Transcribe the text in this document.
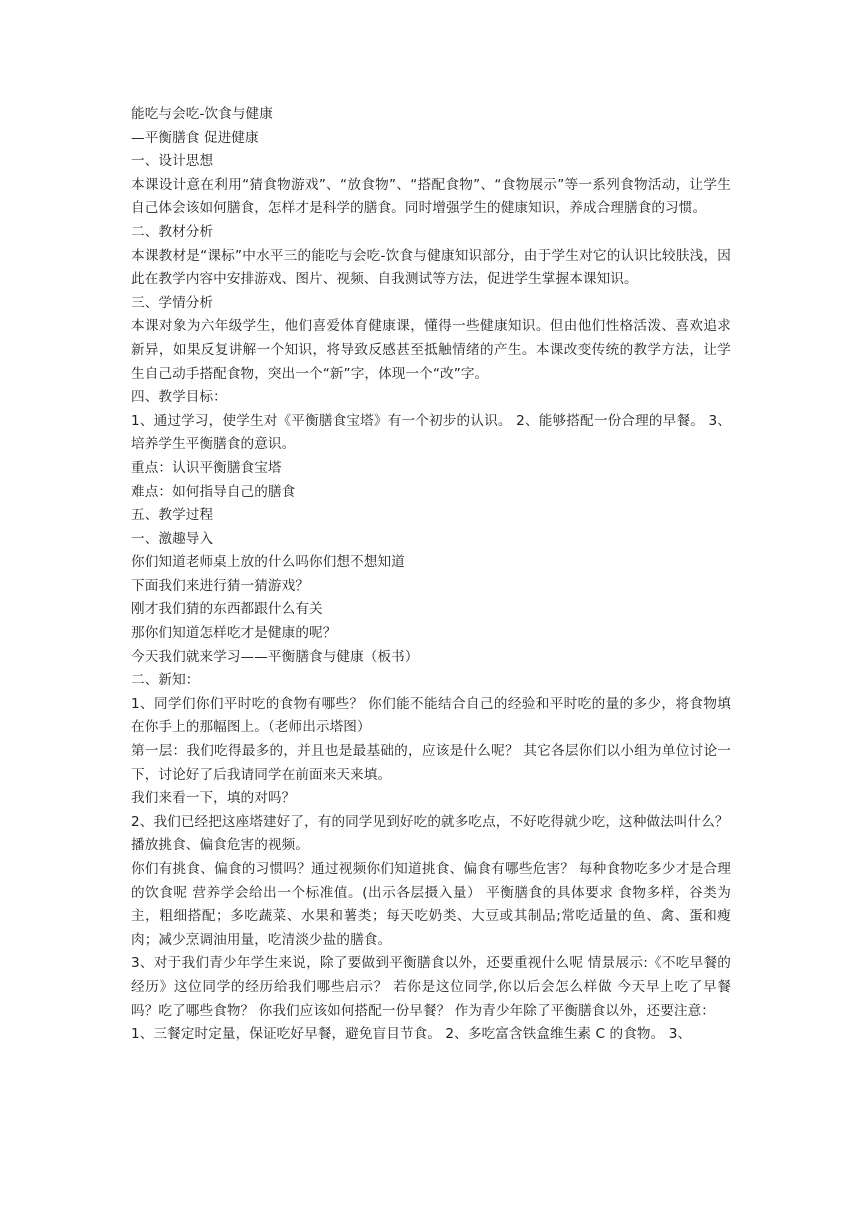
能吃与会吃-饮食与健康
—平衡膳食 促进健康
一、设计思想
本课设计意在利用“猜食物游戏”、“放食物”、“搭配食物”、“食物展示”等一系列食物活动，让学生自己体会该如何膳食，怎样才是科学的膳食。同时增强学生的健康知识，养成合理膳食的习惯。
二、教材分析
本课教材是“课标”中水平三的能吃与会吃-饮食与健康知识部分，由于学生对它的认识比较肤浅，因此在教学内容中安排游戏、图片、视频、自我测试等方法，促进学生掌握本课知识。
三、学情分析
本课对象为六年级学生，他们喜爱体育健康课，懂得一些健康知识。但由他们性格活泼、喜欢追求新异，如果反复讲解一个知识，将导致反感甚至抵触情绪的产生。本课改变传统的教学方法，让学生自己动手搭配食物，突出一个“新”字，体现一个“改”字。
四、教学目标：
1、通过学习，使学生对《平衡膳食宝塔》有一个初步的认识。 2、能够搭配一份合理的早餐。 3、培养学生平衡膳食的意识。
重点：认识平衡膳食宝塔
难点：如何指导自己的膳食
五、教学过程
一、激趣导入
你们知道老师桌上放的什么吗你们想不想知道
下面我们来进行猜一猜游戏？
刚才我们猜的东西都跟什么有关
那你们知道怎样吃才是健康的呢？
今天我们就来学习——平衡膳食与健康（板书）
二、新知：
1、同学们你们平时吃的食物有哪些？ 你们能不能结合自己的经验和平时吃的量的多少，将食物填在你手上的那幅图上。（老师出示塔图）
第一层：我们吃得最多的，并且也是最基础的，应该是什么呢？ 其它各层你们以小组为单位讨论一下，讨论好了后我请同学在前面来天来填。
我们来看一下，填的对吗？
2、我们已经把这座塔建好了，有的同学见到好吃的就多吃点，不好吃得就少吃，这种做法叫什么？
播放挑食、偏食危害的视频。
你们有挑食、偏食的习惯吗？通过视频你们知道挑食、偏食有哪些危害？ 每种食物吃多少才是合理的饮食呢 营养学会给出一个标准值。(出示各层摄入量） 平衡膳食的具体要求 食物多样，谷类为主，粗细搭配；多吃蔬菜、水果和薯类；每天吃奶类、大豆或其制品;常吃适量的鱼、禽、蛋和瘦肉；减少烹调油用量，吃清淡少盐的膳食。
3、对于我们青少年学生来说，除了要做到平衡膳食以外，还要重视什么呢 情景展示:《不吃早餐的经历》这位同学的经历给我们哪些启示？ 若你是这位同学,你以后会怎么样做 今天早上吃了早餐吗？吃了哪些食物？ 你我们应该如何搭配一份早餐？ 作为青少年除了平衡膳食以外，还要注意：
1、三餐定时定量，保证吃好早餐，避免盲目节食。 2、多吃富含铁盒维生素 C 的食物。 3、
